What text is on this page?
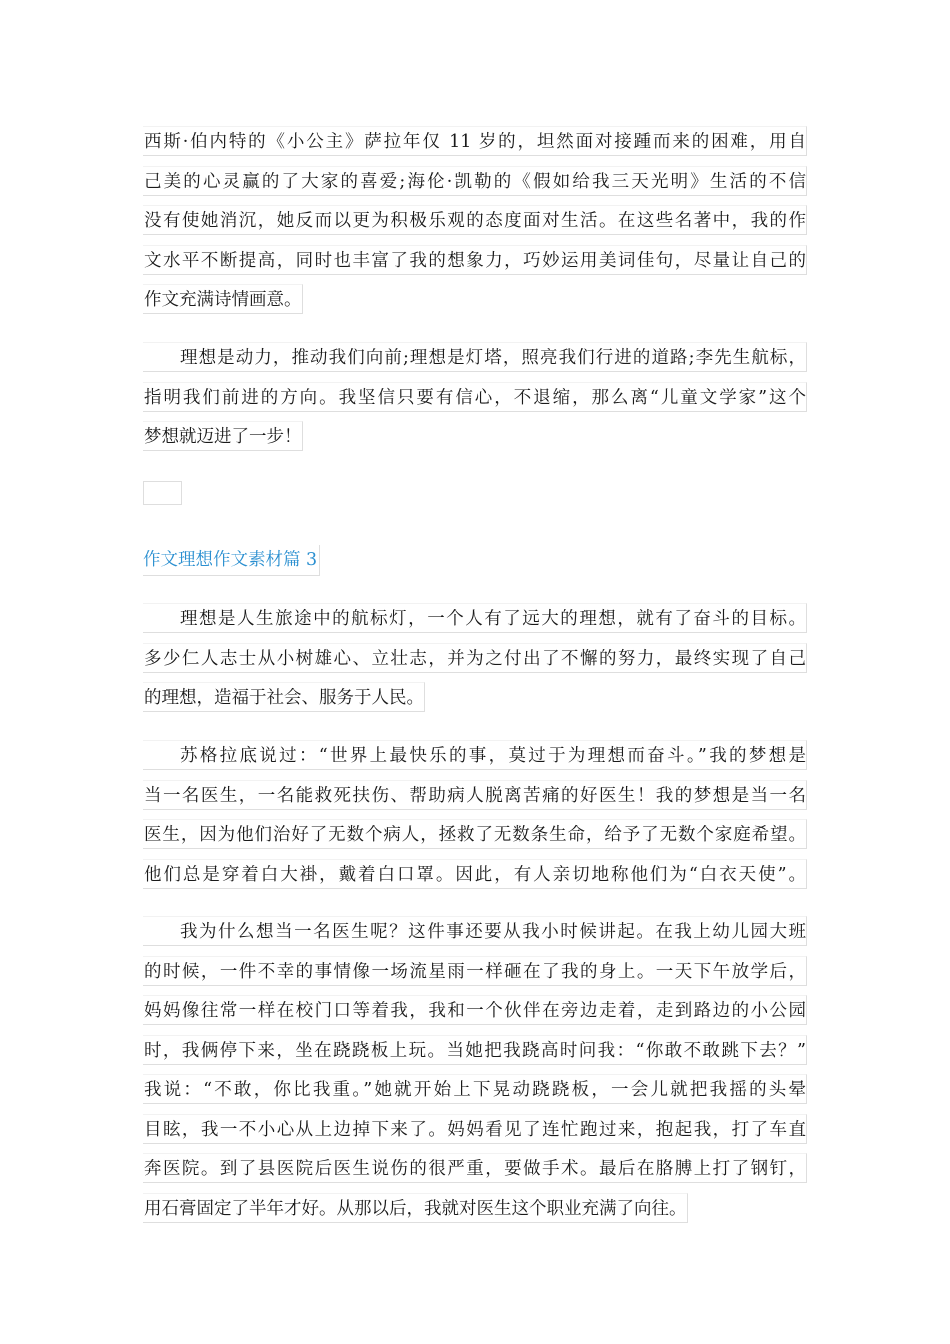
西斯·伯内特的《小公主》萨拉年仅 11 岁的，坦然面对接踵而来的困难，用自
己美的心灵赢的了大家的喜爱;海伦·凯勒的《假如给我三天光明》生活的不信
没有使她消沉，她反而以更为积极乐观的态度面对生活。在这些名著中，我的作
文水平不断提高，同时也丰富了我的想象力，巧妙运用美词佳句，尽量让自己的
作文充满诗情画意。
理想是动力，推动我们向前;理想是灯塔，照亮我们行进的道路;李先生航标，
指明我们前进的方向。我坚信只要有信心，不退缩，那么离“儿童文学家”这个
梦想就迈进了一步！
作文理想作文素材篇 3
理想是人生旅途中的航标灯，一个人有了远大的理想，就有了奋斗的目标。
多少仁人志士从小树雄心、立壮志，并为之付出了不懈的努力，最终实现了自己
的理想，造福于社会、服务于人民。
苏格拉底说过：“世界上最快乐的事，莫过于为理想而奋斗。”我的梦想是
当一名医生，一名能救死扶伤、帮助病人脱离苦痛的好医生！我的梦想是当一名
医生，因为他们治好了无数个病人，拯救了无数条生命，给予了无数个家庭希望。
他们总是穿着白大褂，戴着白口罩。因此，有人亲切地称他们为“白衣天使”。
我为什么想当一名医生呢？这件事还要从我小时候讲起。在我上幼儿园大班
的时候，一件不幸的事情像一场流星雨一样砸在了我的身上。一天下午放学后，
妈妈像往常一样在校门口等着我，我和一个伙伴在旁边走着，走到路边的小公园
时，我俩停下来，坐在跷跷板上玩。当她把我跷高时问我：“你敢不敢跳下去？”
我说：“不敢，你比我重。”她就开始上下晃动跷跷板，一会儿就把我摇的头晕
目眩，我一不小心从上边掉下来了。妈妈看见了连忙跑过来，抱起我，打了车直
奔医院。到了县医院后医生说伤的很严重，要做手术。最后在胳膊上打了钢钉，
用石膏固定了半年才好。从那以后，我就对医生这个职业充满了向往。
